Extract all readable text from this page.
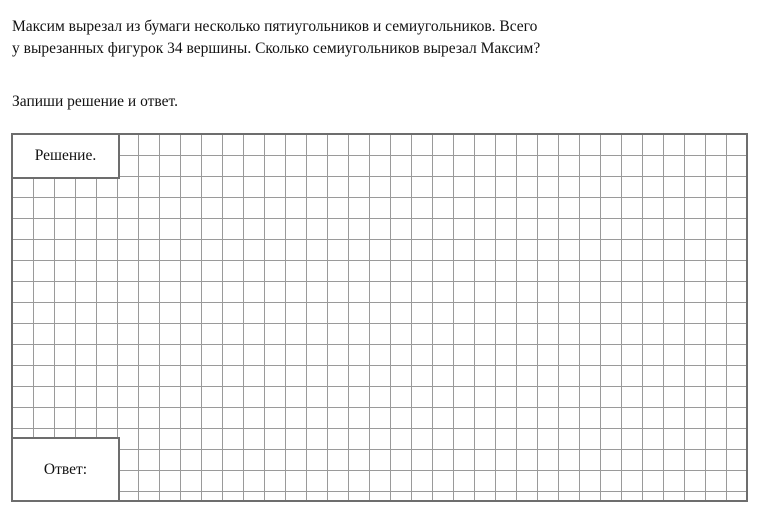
Максим вырезал из бумаги несколько пятиугольников и семиугольников. Всего
у вырезанных фигурок 34 вершины. Сколько семиугольников вырезал Максим?

Запиши решение и ответ.

Решение.
Ответ:
